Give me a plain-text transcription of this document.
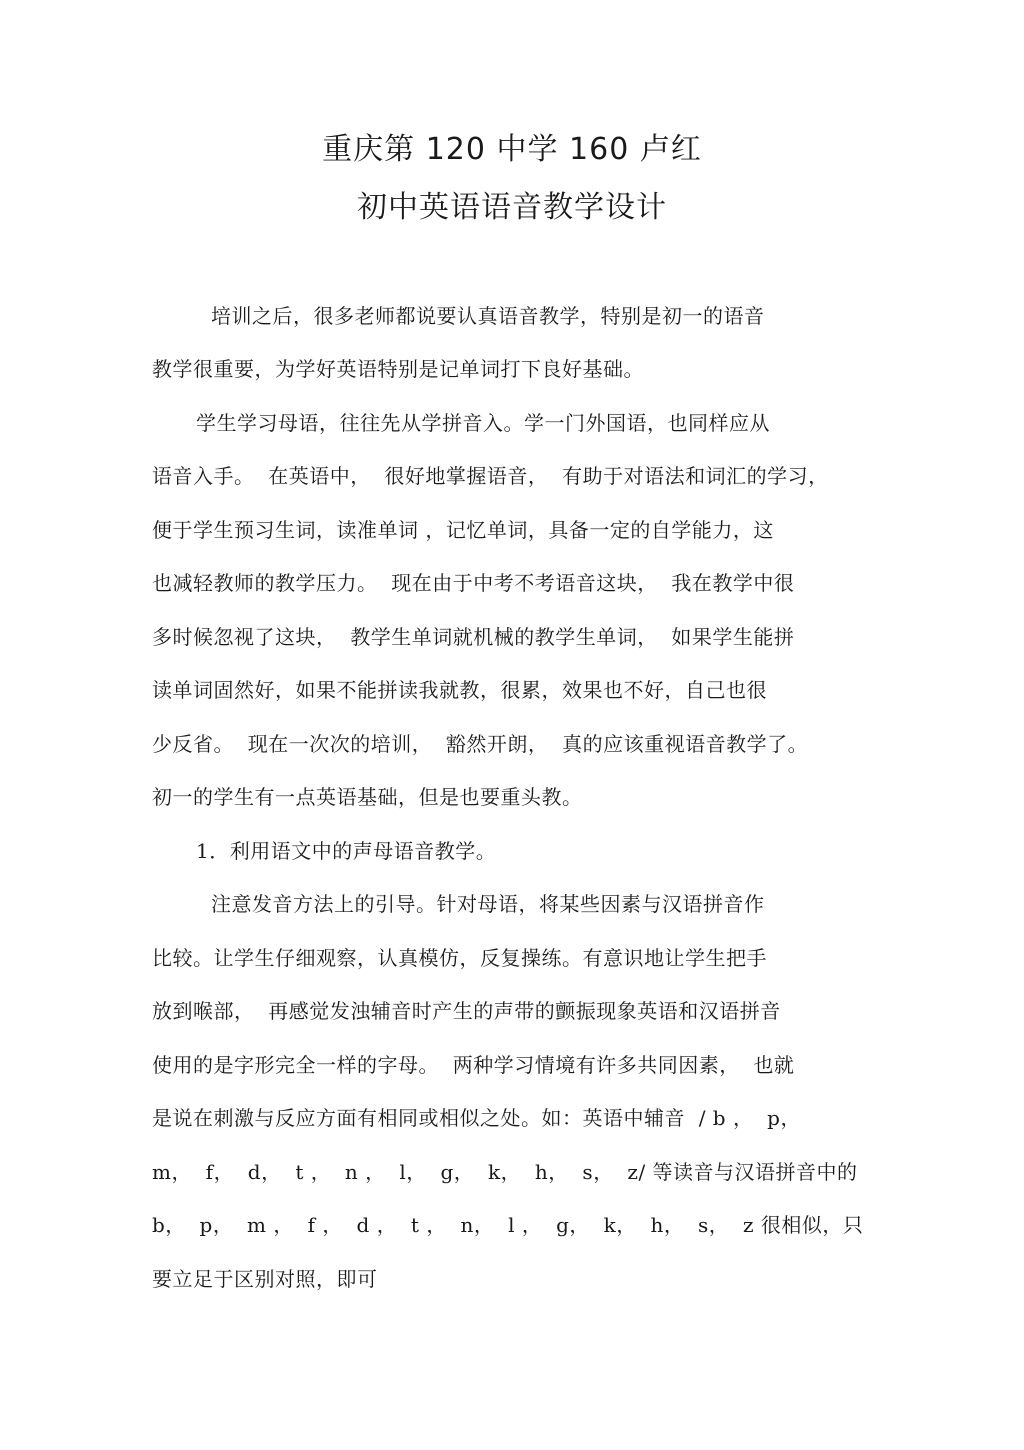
重庆第 120 中学 160 卢红
初中英语语音教学设计
培训之后，很多老师都说要认真语音教学，特别是初一的语音
教学很重要，为学好英语特别是记单词打下良好基础。
学生学习母语，往往先从学拼音入。学一门外国语，也同样应从
语音入手。  在英语中，  很好地掌握语音，  有助于对语法和词汇的学习，
便于学生预习生词，读准单词 ，记忆单词，具备一定的自学能力，这
也减轻教师的教学压力。  现在由于中考不考语音这块，  我在教学中很
多时候忽视了这块，  教学生单词就机械的教学生单词，  如果学生能拼
读单词固然好，如果不能拼读我就教，很累，效果也不好，自己也很
少反省。  现在一次次的培训，  豁然开朗，  真的应该重视语音教学了。
初一的学生有一点英语基础，但是也要重头教。
1．利用语文中的声母语音教学。
注意发音方法上的引导。针对母语，将某些因素与汉语拼音作
比较。让学生仔细观察，认真模仿，反复操练。有意识地让学生把手
放到喉部，  再感觉发浊辅音时产生的声带的颤振现象英语和汉语拼音
使用的是字形完全一样的字母。  两种学习情境有许多共同因素，  也就
是说在刺激与反应方面有相同或相似之处。如：英语中辅音  / b ，  p，
m，  f，  d，  t ，  n ，  l，  g，  k，  h，  s，  z/ 等读音与汉语拼音中的
b，  p，  m ，  f ，  d ，  t ，  n，  l ，  g，  k，  h，  s，  z 很相似，只
要立足于区别对照，即可
